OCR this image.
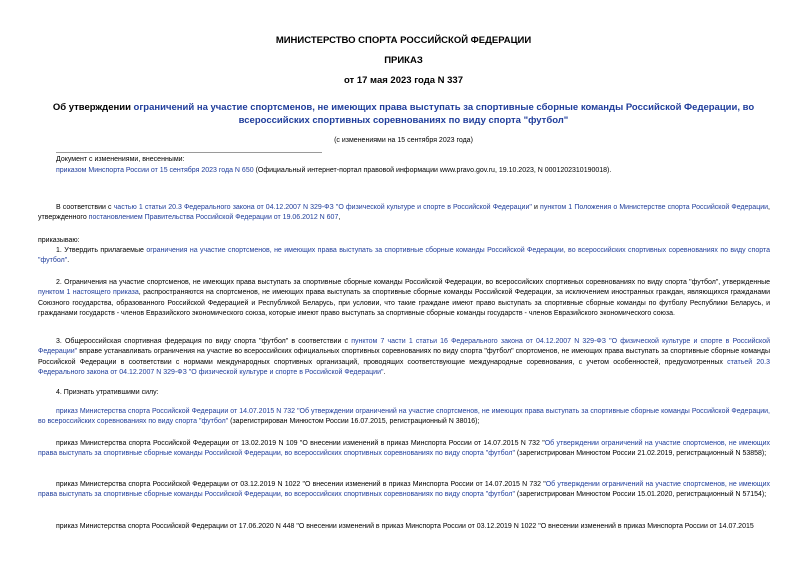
МИНИСТЕРСТВО СПОРТА РОССИЙСКОЙ ФЕДЕРАЦИИ
ПРИКАЗ
от 17 мая 2023 года N 337
Об утверждении ограничений на участие спортсменов, не имеющих права выступать за спортивные сборные команды Российской Федерации, во всероссийских спортивных соревнованиях по виду спорта "футбол"
(с изменениями на 15 сентября 2023 года)
Документ с изменениями, внесенными:
приказом Минспорта России от 15 сентября 2023 года N 650 (Официальный интернет-портал правовой информации www.pravo.gov.ru, 19.10.2023, N 0001202310190018).
В соответствии с частью 1 статьи 20.3 Федерального закона от 04.12.2007 N 329-ФЗ "О физической культуре и спорте в Российской Федерации" и пунктом 1 Положения о Министерстве спорта Российской Федерации, утвержденного постановлением Правительства Российской Федерации от 19.06.2012 N 607,
приказываю:
1. Утвердить прилагаемые ограничения на участие спортсменов, не имеющих права выступать за спортивные сборные команды Российской Федерации, во всероссийских спортивных соревнованиях по виду спорта "футбол".
2. Ограничения на участие спортсменов, не имеющих права выступать за спортивные сборные команды Российской Федерации, во всероссийских спортивных соревнованиях по виду спорта "футбол", утвержденные пунктом 1 настоящего приказа, распространяются на спортсменов, не имеющих права выступать за спортивные сборные команды Российской Федерации, за исключением иностранных граждан, являющихся гражданами Союзного государства, образованного Российской Федерацией и Республикой Беларусь, при условии, что такие граждане имеют право выступать за спортивные сборные команды по футболу Республики Беларусь, и гражданами государств - членов Евразийского экономического союза, которые имеют право выступать за спортивные сборные команды государств - членов Евразийского экономического союза.
3. Общероссийская спортивная федерация по виду спорта "футбол" в соответствии с пунктом 7 части 1 статьи 16 Федерального закона от 04.12.2007 N 329-ФЗ "О физической культуре и спорте в Российской Федерации" вправе устанавливать ограничения на участие во всероссийских официальных спортивных соревнованиях по виду спорта "футбол" спортсменов, не имеющих права выступать за спортивные сборные команды Российской Федерации в соответствии с нормами международных спортивных организаций, проводящих соответствующие международные соревнования, с учетом особенностей, предусмотренных статьей 20.3 Федерального закона от 04.12.2007 N 329-ФЗ "О физической культуре и спорте в Российской Федерации".
4. Признать утратившими силу:
приказ Министерства спорта Российской Федерации от 14.07.2015 N 732 "Об утверждении ограничений на участие спортсменов, не имеющих права выступать за спортивные сборные команды Российской Федерации, во всероссийских соревнованиях по виду спорта "футбол" (зарегистрирован Минюстом России 16.07.2015, регистрационный N 38016);
приказ Министерства спорта Российской Федерации от 13.02.2019 N 109 "О внесении изменений в приказ Минспорта России от 14.07.2015 N 732 "Об утверждении ограничений на участие спортсменов, не имеющих права выступать за спортивные сборные команды Российской Федерации, во всероссийских спортивных соревнованиях по виду спорта "футбол" (зарегистрирован Минюстом России 21.02.2019, регистрационный N 53858);
приказ Министерства спорта Российской Федерации от 03.12.2019 N 1022 "О внесении изменений в приказ Минспорта России от 14.07.2015 N 732 "Об утверждении ограничений на участие спортсменов, не имеющих права выступать за спортивные сборные команды Российской Федерации, во всероссийских спортивных соревнованиях по виду спорта "футбол" (зарегистрирован Минюстом России 15.01.2020, регистрационный N 57154);
приказ Министерства спорта Российской Федерации от 17.06.2020 N 448 "О внесении изменений в приказ Минспорта России от 03.12.2019 N 1022 "О внесении изменений в приказ Минспорта России от 14.07.2015
